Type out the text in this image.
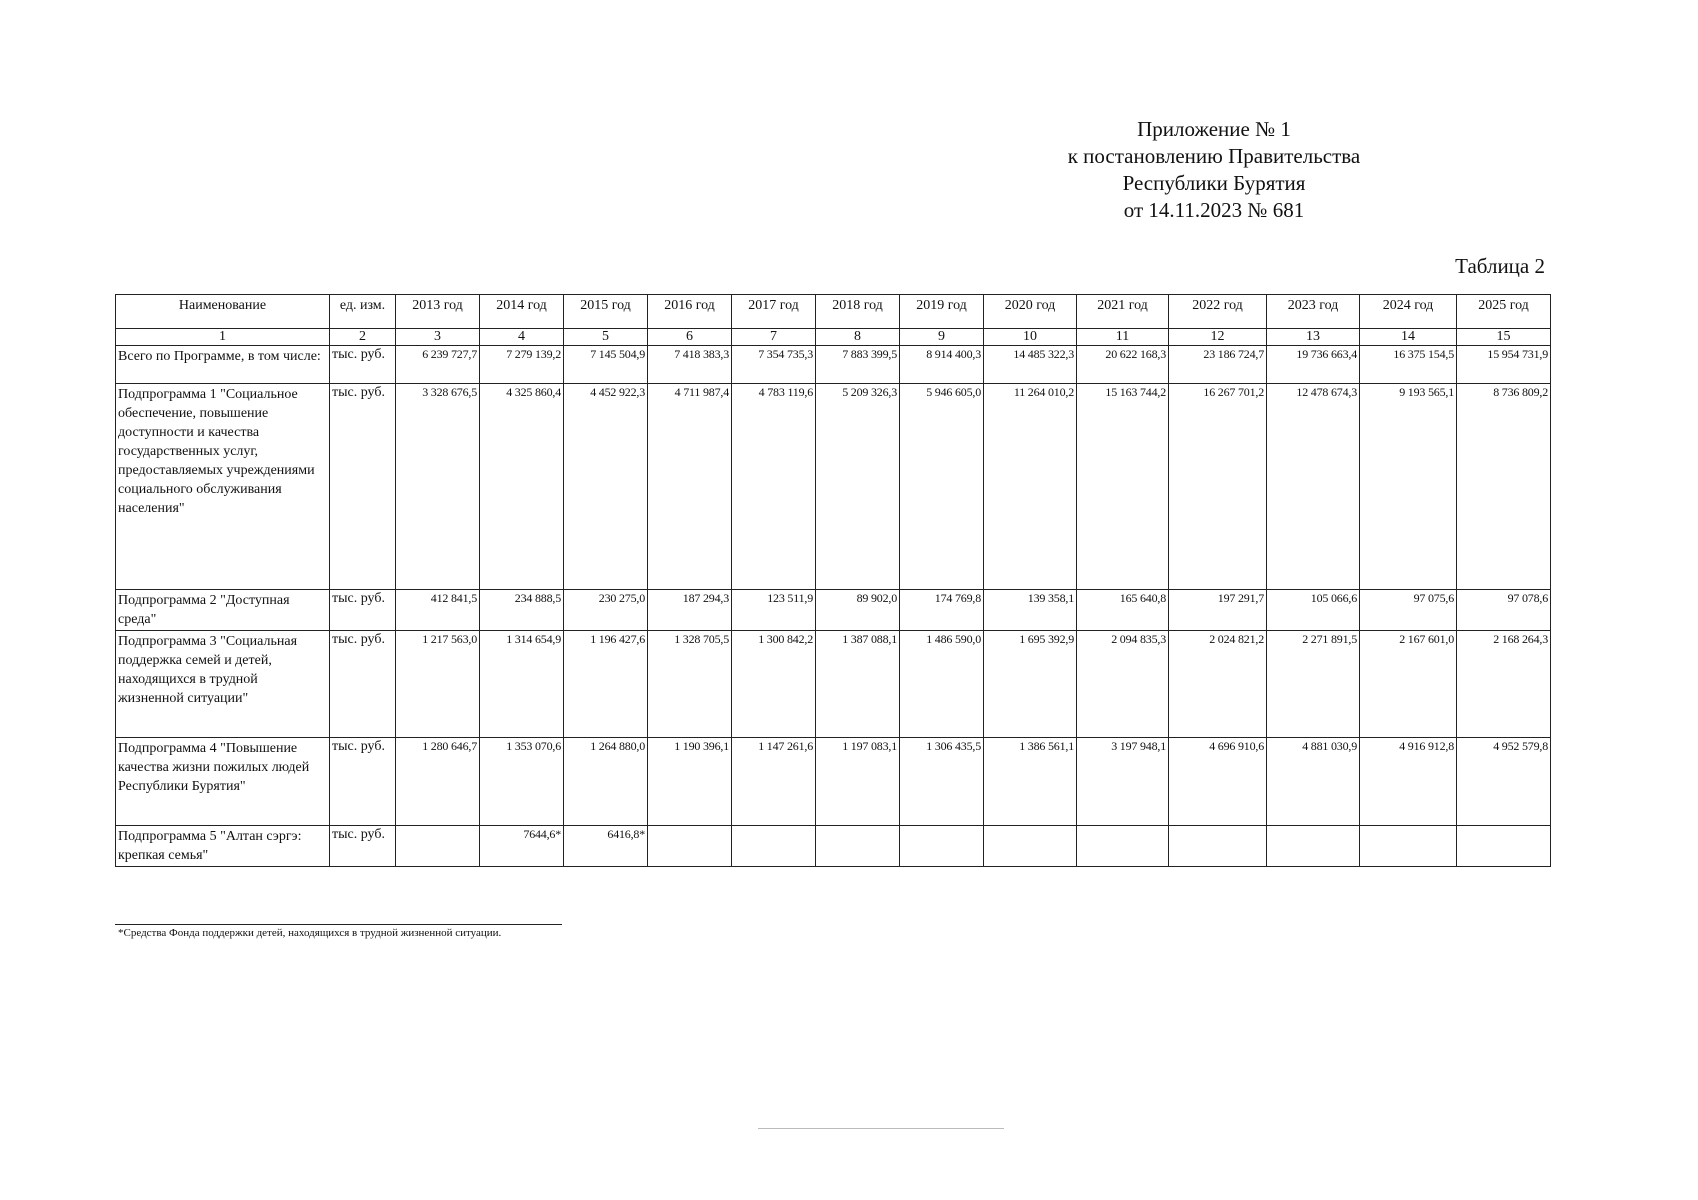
Приложение № 1
к постановлению Правительства
Республики Бурятия
от 14.11.2023 № 681
Таблица 2
Наименование	ед. изм.	2013 год	2014 год	2015 год	2016 год	2017 год	2018 год	2019 год	2020 год	2021 год	2022 год	2023 год	2024 год	2025 год
1	2	3	4	5	6	7	8	9	10	11	12	13	14	15
Всего по Программе, в том числе:	тыс. руб.	6 239 727,7	7 279 139,2	7 145 504,9	7 418 383,3	7 354 735,3	7 883 399,5	8 914 400,3	14 485 322,3	20 622 168,3	23 186 724,7	19 736 663,4	16 375 154,5	15 954 731,9
Подпрограмма 1 "Социальное обеспечение, повышение доступности и качества государственных услуг, предоставляемых учреждениями социального обслуживания населения"	тыс. руб.	3 328 676,5	4 325 860,4	4 452 922,3	4 711 987,4	4 783 119,6	5 209 326,3	5 946 605,0	11 264 010,2	15 163 744,2	16 267 701,2	12 478 674,3	9 193 565,1	8 736 809,2
Подпрограмма 2 "Доступная среда"	тыс. руб.	412 841,5	234 888,5	230 275,0	187 294,3	123 511,9	89 902,0	174 769,8	139 358,1	165 640,8	197 291,7	105 066,6	97 075,6	97 078,6
Подпрограмма 3 "Социальная поддержка семей и детей, находящихся в трудной жизненной ситуации"	тыс. руб.	1 217 563,0	1 314 654,9	1 196 427,6	1 328 705,5	1 300 842,2	1 387 088,1	1 486 590,0	1 695 392,9	2 094 835,3	2 024 821,2	2 271 891,5	2 167 601,0	2 168 264,3
Подпрограмма 4 "Повышение качества жизни пожилых людей Республики Бурятия"	тыс. руб.	1 280 646,7	1 353 070,6	1 264 880,0	1 190 396,1	1 147 261,6	1 197 083,1	1 306 435,5	1 386 561,1	3 197 948,1	4 696 910,6	4 881 030,9	4 916 912,8	4 952 579,8
Подпрограмма 5 "Алтан сэргэ: крепкая семья"	тыс. руб.		7644,6*	6416,8*										
*Средства Фонда поддержки детей, находящихся в трудной жизненной ситуации.
